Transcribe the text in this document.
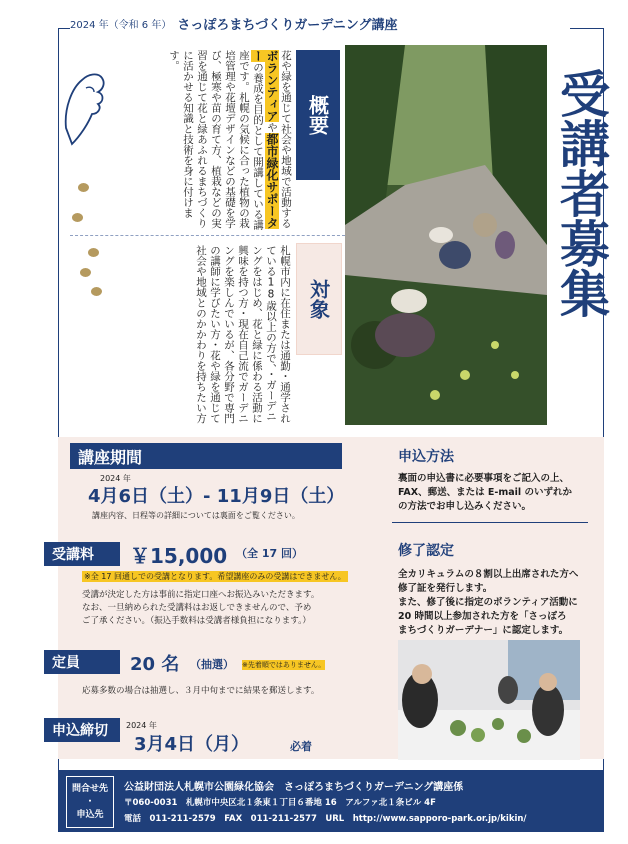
2024 年（令和 6 年） さっぽろまちづくりガーデニング講座
概要
花や緑を通じて社会や地域で活動するボランティアや都市緑化サポーターの養成を目的として開講している講座です。札幌の気候に合った植物の栽培管理や花壇デザインなどの基礎を学び、極寒や苗の育て方、植栽などの実習を通じて花と緑あふれるまちづくりに活かせる知識と技術を身に付けます。
対象
札幌市内に在住または通勤・通学されている18歳以上の方で、・ガーデニングをはじめ、花と緑に係わる活動に興味を持つ方・現在自己流でガーデニングを楽しんでいるが、各分野で専門の講師に学びたい方・花や緑を通じて社会や地域とのかかわりを持ちたい方
受講者募集
講座期間
2024 年
4月6日（土）- 11月9日（土）
講座内容、日程等の詳細については裏面をご覧ください。
受講料	￥15,000 （全 17 回）
※全 17 回通しでの受講となります。希望講座のみの受講はできません。
受講が決定した方は事前に指定口座へお振込みいただきます。
なお、一旦納められた受講料はお返しできませんので、予め
ご了承ください。（振込手数料は受講者様負担になります。）
定員	20 名 （抽選） ※先着順ではありません。
応募多数の場合は抽選し、３月中旬までに結果を郵送します。
申込締切	2024 年
3月4日（月）	必着
申込方法
裏面の申込書に必要事項をご記入の上、
FAX、郵送、または E-mail のいずれか
の方法でお申し込みください。
修了認定
全カリキュラムの８割以上出席された方へ
修了証を発行します。
また、修了後に指定のボランティア活動に
20 時間以上参加された方を「さっぽろ
まちづくりガーデナー」に認定します。
問合せ先
・
申込先
公益財団法人札幌市公園緑化協会　さっぽろまちづくりガーデニング講座係
〒060-0031　札幌市中央区北１条東１丁目６番地 16　アルファ北１条ビル 4F
電話　011-211-2579　FAX　011-211-2577　URL　http://www.sapporo-park.or.jp/kikin/
